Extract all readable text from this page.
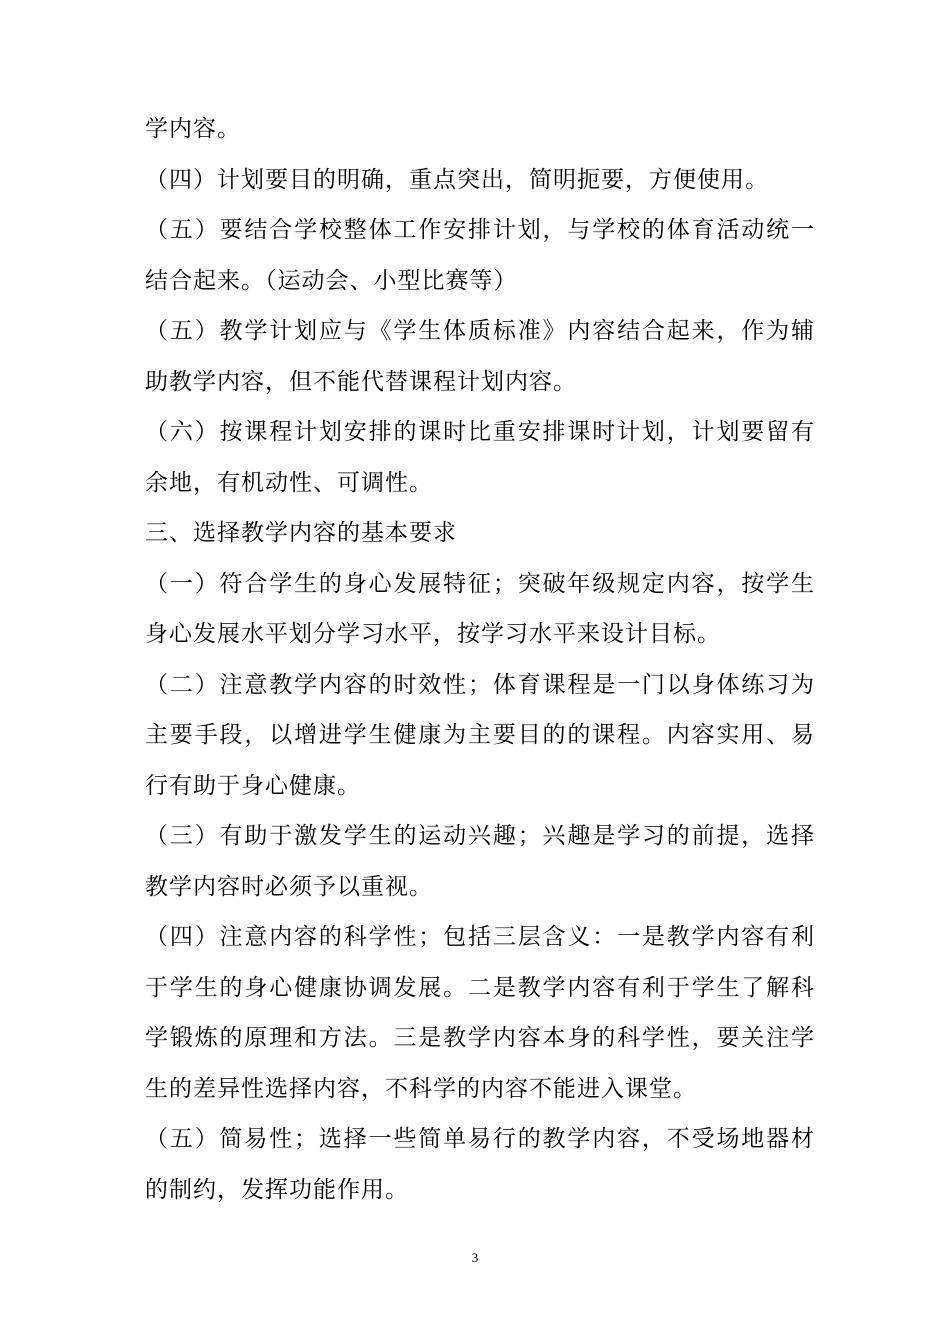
学内容。

（四）计划要目的明确，重点突出，简明扼要，方便使用。

（五）要结合学校整体工作安排计划，与学校的体育活动统一结合起来。（运动会、小型比赛等）

（五）教学计划应与《学生体质标准》内容结合起来，作为辅助教学内容，但不能代替课程计划内容。

（六）按课程计划安排的课时比重安排课时计划，计划要留有余地，有机动性、可调性。

三、选择教学内容的基本要求

（一）符合学生的身心发展特征；突破年级规定内容，按学生身心发展水平划分学习水平，按学习水平来设计目标。

（二）注意教学内容的时效性；体育课程是一门以身体练习为主要手段，以增进学生健康为主要目的的课程。内容实用、易行有助于身心健康。

（三）有助于激发学生的运动兴趣；兴趣是学习的前提，选择教学内容时必须予以重视。

（四）注意内容的科学性；包括三层含义：一是教学内容有利于学生的身心健康协调发展。二是教学内容有利于学生了解科学锻炼的原理和方法。三是教学内容本身的科学性，要关注学生的差异性选择内容，不科学的内容不能进入课堂。

（五）简易性；选择一些简单易行的教学内容，不受场地器材的制约，发挥功能作用。

3
